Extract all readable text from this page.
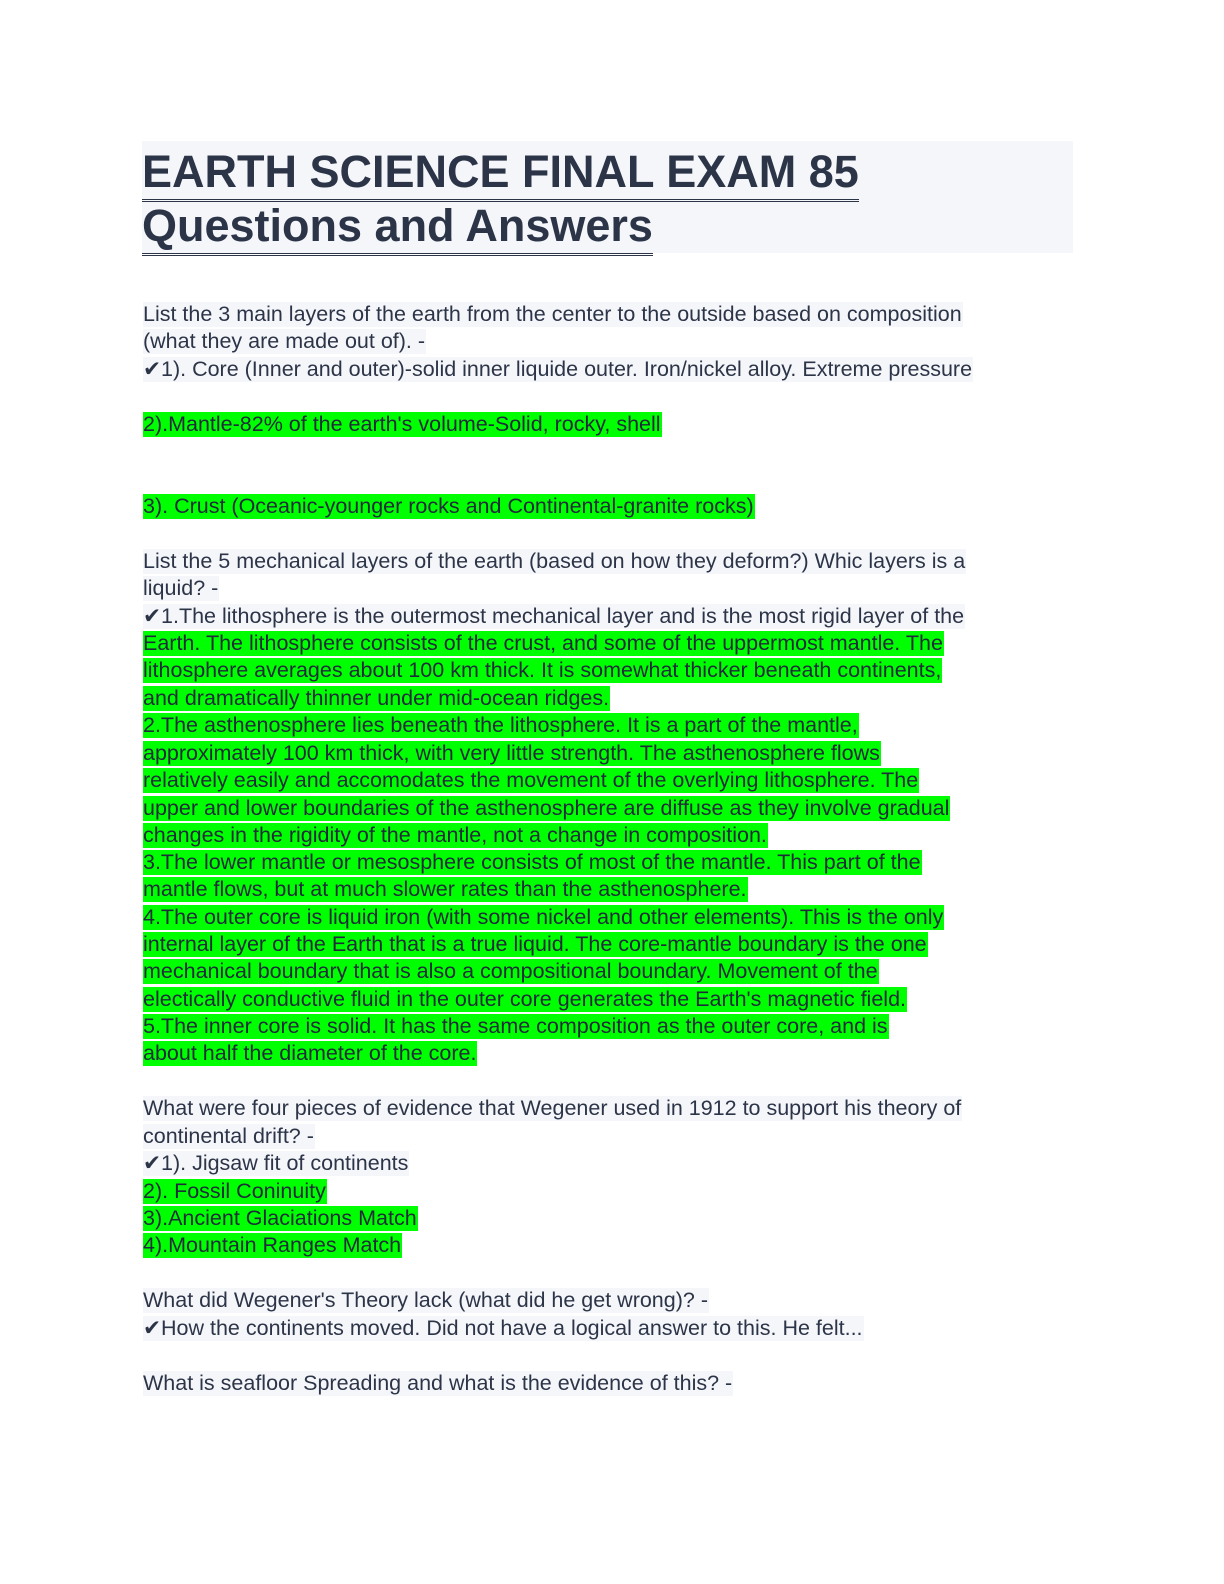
EARTH SCIENCE FINAL EXAM 85
Questions and Answers
List the 3 main layers of the earth from the center to the outside based on composition
(what they are made out of). -
✔1). Core (Inner and outer)-solid inner liquide outer. Iron/nickel alloy. Extreme pressure
2).Mantle-82% of the earth's volume-Solid, rocky, shell
3). Crust (Oceanic-younger rocks and Continental-granite rocks)
List the 5 mechanical layers of the earth (based on how they deform?) Whic layers is a
liquid? -
✔1.The lithosphere is the outermost mechanical layer and is the most rigid layer of the
Earth. The lithosphere consists of the crust, and some of the uppermost mantle. The
lithosphere averages about 100 km thick. It is somewhat thicker beneath continents,
and dramatically thinner under mid-ocean ridges.
2.The asthenosphere lies beneath the lithosphere. It is a part of the mantle,
approximately 100 km thick, with very little strength. The asthenosphere flows
relatively easily and accomodates the movement of the overlying lithosphere. The
upper and lower boundaries of the asthenosphere are diffuse as they involve gradual
changes in the rigidity of the mantle, not a change in composition.
3.The lower mantle or mesosphere consists of most of the mantle. This part of the
mantle flows, but at much slower rates than the asthenosphere.
4.The outer core is liquid iron (with some nickel and other elements). This is the only
internal layer of the Earth that is a true liquid. The core-mantle boundary is the one
mechanical boundary that is also a compositional boundary. Movement of the
electically conductive fluid in the outer core generates the Earth's magnetic field.
5.The inner core is solid. It has the same composition as the outer core, and is
about half the diameter of the core.
What were four pieces of evidence that Wegener used in 1912 to support his theory of
continental drift? -
✔1). Jigsaw fit of continents
2). Fossil Coninuity
3).Ancient Glaciations Match
4).Mountain Ranges Match
What did Wegener's Theory lack (what did he get wrong)? -
✔How the continents moved. Did not have a logical answer to this. He felt...
What is seafloor Spreading and what is the evidence of this? -
